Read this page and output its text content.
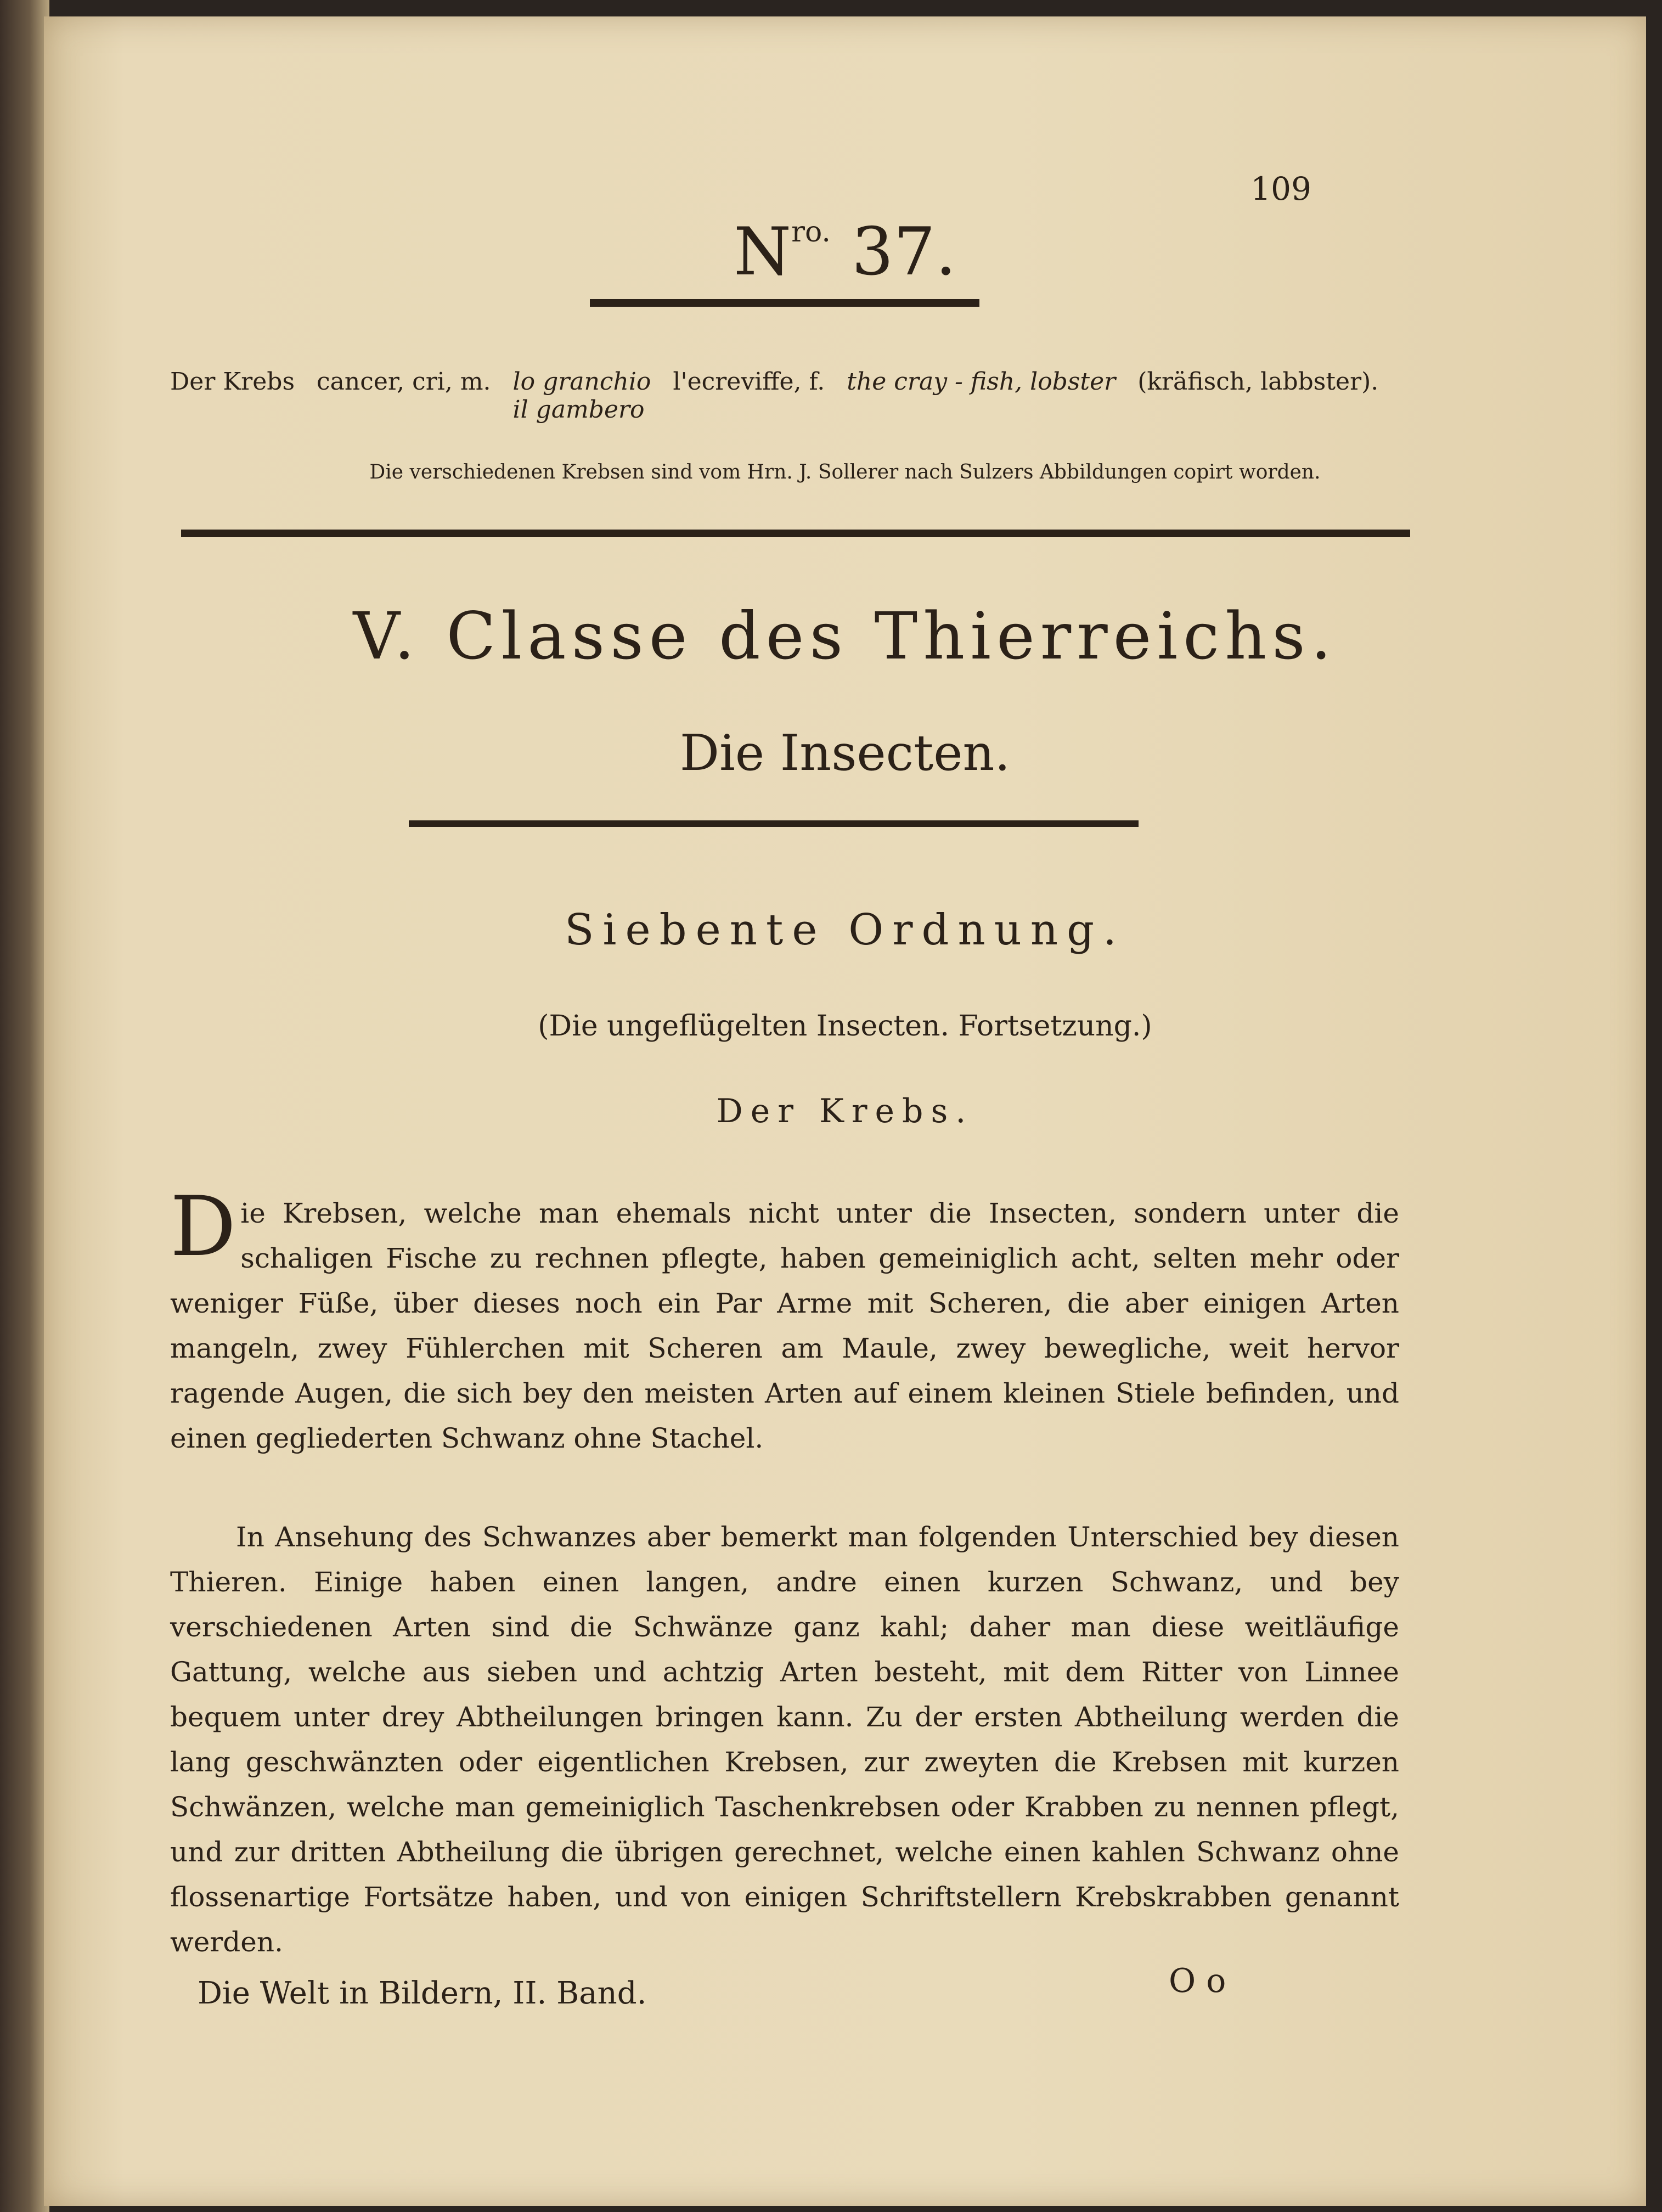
109
$N^{ro.}$ 37.
Der Krebs cancer, cri, m. lo granchio
il gambero
l'ecreviffe, f. the cray - fish, lobster (kräfisch, labbster).
Die verschiedenen Krebsen sind vom Hrn. J. Sollerer nach Sulzers Abbildungen copirt worden.
V. Classe des Thierreichs.
Die Insecten.
Siebente Ordnung.
(Die ungeflügelten Insecten. Fortsetzung.)
Der Krebs.
D ie Krebsen, welche man ehemals nicht unter die Insecten, sondern unter die schaligen Fische zu rechnen pflegte, haben gemeiniglich acht, selten mehr oder weniger Füße, über dieses noch ein Par Arme mit Scheren, die aber einigen Arten mangeln, zwey Fühlerchen mit Scheren am Maule, zwey bewegliche, weit hervor ragende Augen, die sich bey den meisten Arten auf einem kleinen Stiele befinden, und einen gegliederten Schwanz ohne Stachel.
In Ansehung des Schwanzes aber bemerkt man folgenden Unterschied bey diesen Thieren. Einige haben einen langen, andre einen kurzen Schwanz, und bey verschiedenen Arten sind die Schwänze ganz kahl; daher man diese weitläufige Gattung, welche aus sieben und achtzig Arten besteht, mit dem Ritter von Linnee bequem unter drey Abtheilungen bringen kann. Zu der ersten Abtheilung werden die lang geschwänzten oder eigentlichen Krebsen, zur zweyten die Krebsen mit kurzen Schwänzen, welche man gemeiniglich Taschenkrebsen oder Krabben zu nennen pflegt, und zur dritten Abtheilung die übrigen gerechnet, welche einen kahlen Schwanz ohne flossenartige Fortsätze haben, und von einigen Schriftstellern Krebskrabben genannt werden.
Die Welt in Bildern, II. Band.	O o
